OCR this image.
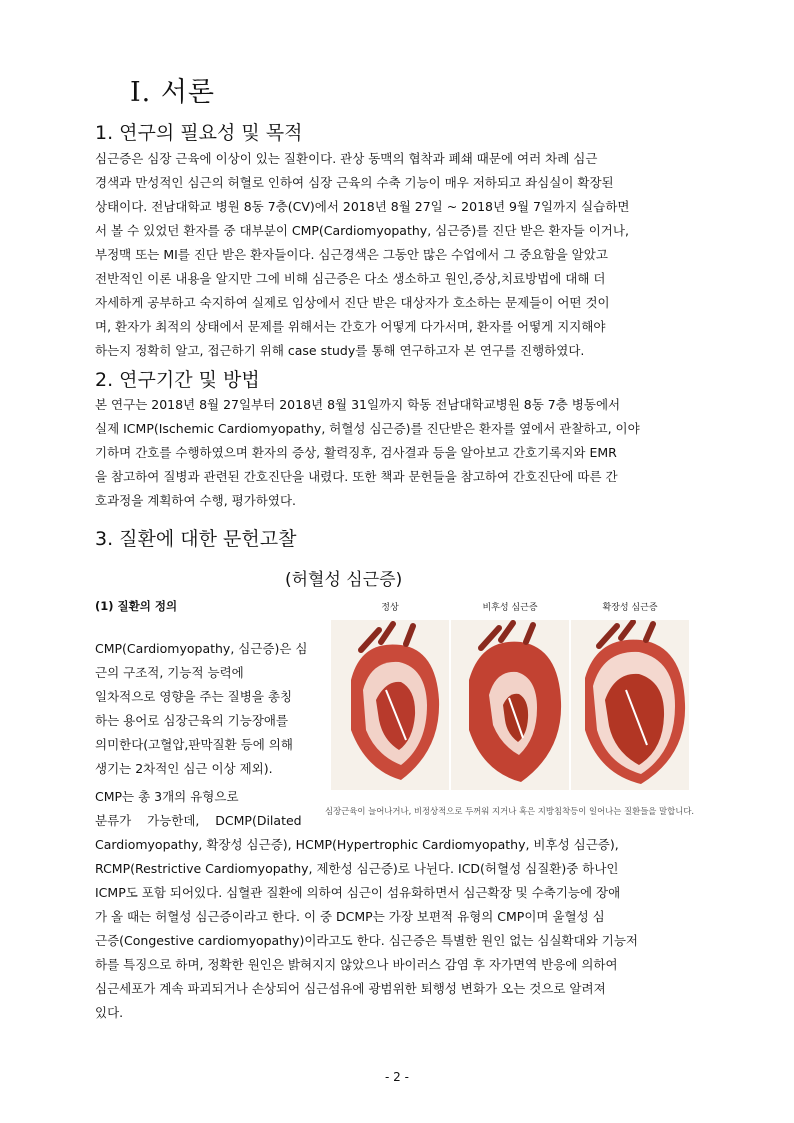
Ⅰ. 서론
1. 연구의 필요성 및 목적
심근증은 심장 근육에 이상이 있는 질환이다. 관상 동맥의 협착과 폐쇄 때문에 여러 차례 심근
경색과 만성적인 심근의 허혈로 인하여 심장 근육의 수축 기능이 매우 저하되고 좌심실이 확장된
상태이다. 전남대학교 병원 8동 7층(CV)에서 2018년 8월 27일 ~ 2018년 9월 7일까지 실습하면
서 볼 수 있었던 환자를 중 대부분이 CMP(Cardiomyopathy, 심근증)를 진단 받은 환자들 이거나,
부정맥 또는 MI를 진단 받은 환자들이다. 심근경색은 그동안 많은 수업에서 그 중요함을 알았고
전반적인 이론 내용을 알지만 그에 비해 심근증은 다소 생소하고 원인,증상,치료방법에 대해 더
자세하게 공부하고 숙지하여 실제로 임상에서 진단 받은 대상자가 호소하는 문제들이 어떤 것이
며, 환자가 최적의 상태에서 문제를 위해서는 간호가 어떻게 다가서며, 환자를 어떻게 지지해야
하는지 정확히 알고, 접근하기 위해 case study를 통해 연구하고자 본 연구를 진행하였다.
2. 연구기간 및 방법
본 연구는 2018년 8월 27일부터 2018년 8월 31일까지 학동 전남대학교병원 8동 7층 병동에서
실제 ICMP(Ischemic Cardiomyopathy, 허혈성 심근증)를 진단받은 환자를 옆에서 관찰하고, 이야
기하며 간호를 수행하였으며 환자의 증상, 활력징후, 검사결과 등을 알아보고 간호기록지와 EMR
을 참고하여 질병과 관련된 간호진단을 내렸다. 또한 책과 문헌들을 참고하여 간호진단에 따른 간
호과정을 계획하여 수행, 평가하였다.
3. 질환에 대한 문헌고찰
(허혈성 심근증)
(1) 질환의 정의
CMP(Cardiomyopathy, 심근증)은 심
근의 구조적, 기능적 능력에
일차적으로 영향을 주는 질병을 총칭
하는 용어로 심장근육의 기능장애를
의미한다(고혈압,판막질환 등에 의해
생기는 2차적인 심근 이상 제외).
CMP는 총 3개의 유형으로
분류가    가능한데,    DCMP(Dilated
정상	비후성 심근증	확장성 심근증
심장근육이 늘어나거나, 비정상적으로 두꺼워 지거나 혹은 지방침착등이 일어나는 질환들을 말합니다.
Cardiomyopathy, 확장성 심근증), HCMP(Hypertrophic Cardiomyopathy, 비후성 심근증),
RCMP(Restrictive Cardiomyopathy, 제한성 심근증)로 나뉜다. ICD(허혈성 심질환)중 하나인
ICMP도 포함 되어있다. 심혈관 질환에 의하여 심근이 섬유화하면서 심근확장 및 수축기능에 장애
가 올 때는 허혈성 심근증이라고 한다. 이 중 DCMP는 가장 보편적 유형의 CMP이며 울혈성 심
근증(Congestive cardiomyopathy)이라고도 한다. 심근증은 특별한 원인 없는 심실확대와 기능저
하를 특징으로 하며, 정확한 원인은 밝혀지지 않았으나 바이러스 감염 후 자가면역 반응에 의하여
심근세포가 계속 파괴되거나 손상되어 심근섬유에 광범위한 퇴행성 변화가 오는 것으로 알려져
있다.
- 2 -
